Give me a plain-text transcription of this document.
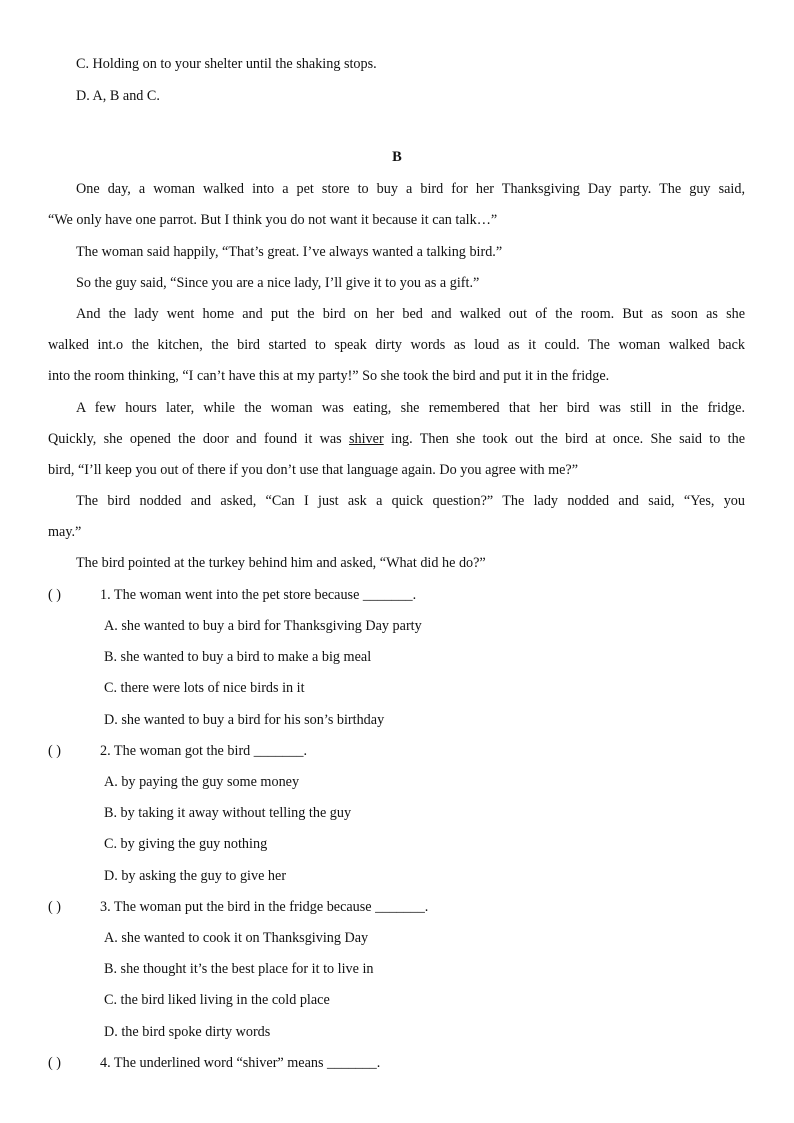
C. Holding on to your shelter until the shaking stops.
D. A, B and C.
B
One day, a woman walked into a pet store to buy a bird for her Thanksgiving Day party. The guy said,
“We only have one parrot. But I think you do not want it because it can talk…”
The woman said happily, “That’s great. I’ve always wanted a talking bird.”
So the guy said, “Since you are a nice lady, I’ll give it to you as a gift.”
And the lady went home and put the bird on her bed and walked out of the room. But as soon as she
walked int.o the kitchen, the bird started to speak dirty words as loud as it could. The woman walked back
into the room thinking, “I can’t have this at my party!” So she took the bird and put it in the fridge.
A few hours later, while the woman was eating, she remembered that her bird was still in the fridge.
Quickly, she opened the door and found it was shiver ing. Then she took out the bird at once. She said to the
bird, “I’ll keep you out of there if you don’t use that language again. Do you agree with me?”
The bird nodded and asked, “Can I just ask a quick question?” The lady nodded and said, “Yes, you
may.”
The bird pointed at the turkey behind him and asked, “What did he do?”
( )	1. The woman went into the pet store because _______.
A. she wanted to buy a bird for Thanksgiving Day party
B. she wanted to buy a bird to make a big meal
C. there were lots of nice birds in it
D. she wanted to buy a bird for his son’s birthday
( )	2. The woman got the bird _______.
A. by paying the guy some money
B. by taking it away without telling the guy
C. by giving the guy nothing
D. by asking the guy to give her
( )	3. The woman put the bird in the fridge because _______.
A. she wanted to cook it on Thanksgiving Day
B. she thought it’s the best place for it to live in
C. the bird liked living in the cold place
D. the bird spoke dirty words
( )	4. The underlined word “shiver” means _______.
